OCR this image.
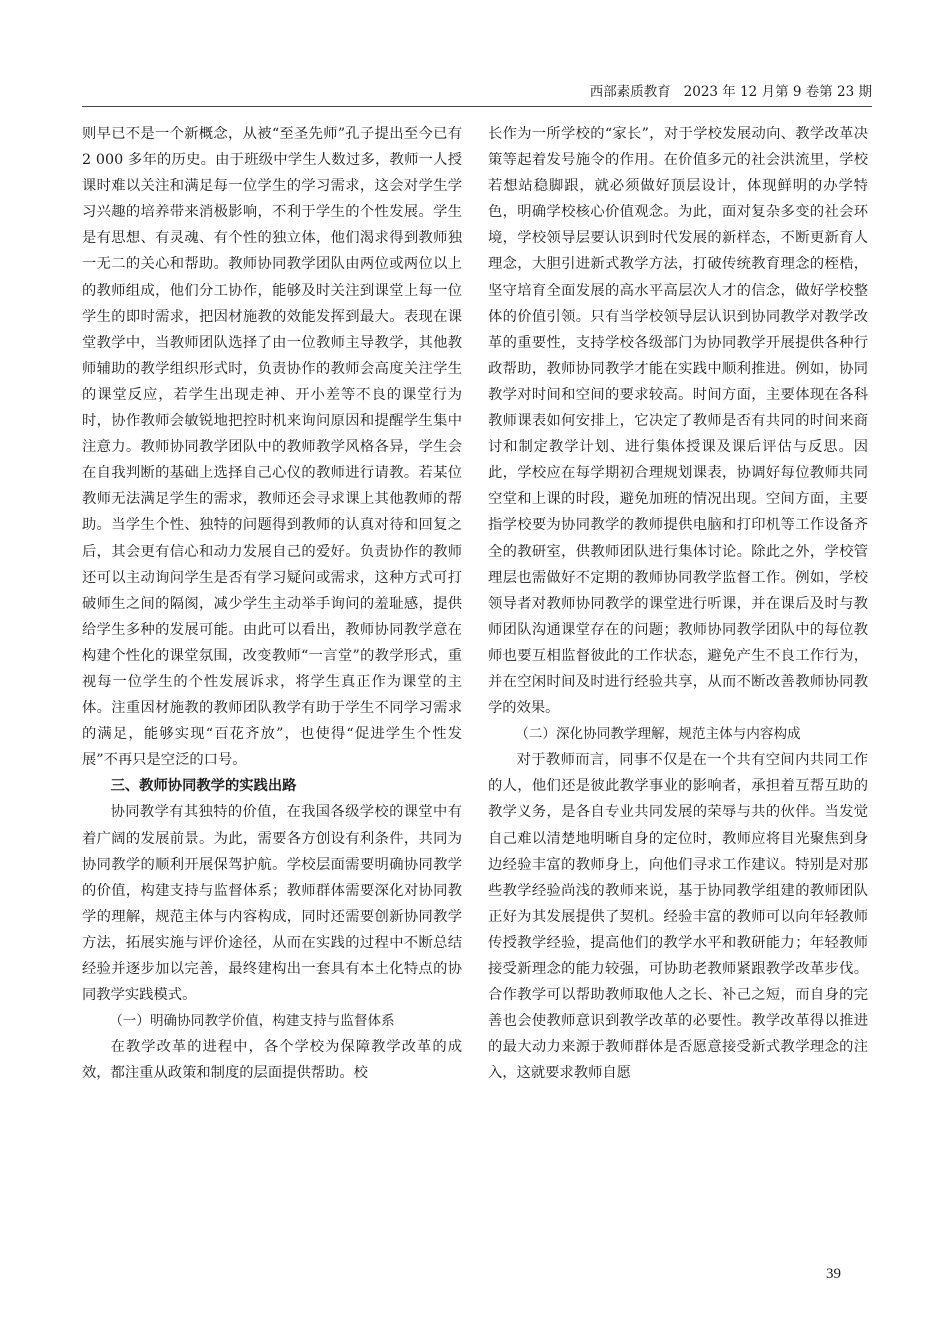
西部素质教育 2023 年 12 月第 9 卷第 23 期

则早已不是一个新概念，从被“至圣先师”孔子提出至今已有 2 000 多年的历史。由于班级中学生人数过多，教师一人授课时难以关注和满足每一位学生的学习需求，这会对学生学习兴趣的培养带来消极影响，不利于学生的个性发展。学生是有思想、有灵魂、有个性的独立体，他们渴求得到教师独一无二的关心和帮助。教师协同教学团队由两位或两位以上的教师组成，他们分工协作，能够及时关注到课堂上每一位学生的即时需求，把因材施教的效能发挥到最大。表现在课堂教学中，当教师团队选择了由一位教师主导教学，其他教师辅助的教学组织形式时，负责协作的教师会高度关注学生的课堂反应，若学生出现走神、开小差等不良的课堂行为时，协作教师会敏锐地把控时机来询问原因和提醒学生集中注意力。教师协同教学团队中的教师教学风格各异，学生会在自我判断的基础上选择自己心仪的教师进行请教。若某位教师无法满足学生的需求，教师还会寻求课上其他教师的帮助。当学生个性、独特的问题得到教师的认真对待和回复之后，其会更有信心和动力发展自己的爱好。负责协作的教师还可以主动询问学生是否有学习疑问或需求，这种方式可打破师生之间的隔阂，减少学生主动举手询问的羞耻感，提供给学生多种的发展可能。由此可以看出，教师协同教学意在构建个性化的课堂氛围，改变教师“一言堂”的教学形式，重视每一位学生的个性发展诉求，将学生真正作为课堂的主体。注重因材施教的教师团队教学有助于学生不同学习需求的满足，能够实现“百花齐放”，也使得“促进学生个性发展”不再只是空泛的口号。

三、教师协同教学的实践出路

协同教学有其独特的价值，在我国各级学校的课堂中有着广阔的发展前景。为此，需要各方创设有利条件，共同为协同教学的顺利开展保驾护航。学校层面需要明确协同教学的价值，构建支持与监督体系；教师群体需要深化对协同教学的理解，规范主体与内容构成，同时还需要创新协同教学方法，拓展实施与评价途径，从而在实践的过程中不断总结经验并逐步加以完善，最终建构出一套具有本土化特点的协同教学实践模式。

（一）明确协同教学价值，构建支持与监督体系

在教学改革的进程中，各个学校为保障教学改革的成效，都注重从政策和制度的层面提供帮助。校

长作为一所学校的“家长”，对于学校发展动向、教学改革决策等起着发号施令的作用。在价值多元的社会洪流里，学校若想站稳脚跟，就必须做好顶层设计，体现鲜明的办学特色，明确学校核心价值观念。为此，面对复杂多变的社会环境，学校领导层要认识到时代发展的新样态，不断更新育人理念，大胆引进新式教学方法，打破传统教育理念的桎梏，坚守培育全面发展的高水平高层次人才的信念，做好学校整体的价值引领。只有当学校领导层认识到协同教学对教学改革的重要性，支持学校各级部门为协同教学开展提供各种行政帮助，教师协同教学才能在实践中顺利推进。例如，协同教学对时间和空间的要求较高。时间方面，主要体现在各科教师课表如何安排上，它决定了教师是否有共同的时间来商讨和制定教学计划、进行集体授课及课后评估与反思。因此，学校应在每学期初合理规划课表，协调好每位教师共同空堂和上课的时段，避免加班的情况出现。空间方面，主要指学校要为协同教学的教师提供电脑和打印机等工作设备齐全的教研室，供教师团队进行集体讨论。除此之外，学校管理层也需做好不定期的教师协同教学监督工作。例如，学校领导者对教师协同教学的课堂进行听课，并在课后及时与教师团队沟通课堂存在的问题；教师协同教学团队中的每位教师也要互相监督彼此的工作状态，避免产生不良工作行为，并在空闲时间及时进行经验共享，从而不断改善教师协同教学的效果。

（二）深化协同教学理解，规范主体与内容构成

对于教师而言，同事不仅是在一个共有空间内共同工作的人，他们还是彼此教学事业的影响者，承担着互帮互助的教学义务，是各自专业共同发展的荣辱与共的伙伴。当发觉自己难以清楚地明晰自身的定位时，教师应将目光聚焦到身边经验丰富的教师身上，向他们寻求工作建议。特别是对那些教学经验尚浅的教师来说，基于协同教学组建的教师团队正好为其发展提供了契机。经验丰富的教师可以向年轻教师传授教学经验，提高他们的教学水平和教研能力；年轻教师接受新理念的能力较强，可协助老教师紧跟教学改革步伐。合作教学可以帮助教师取他人之长、补己之短，而自身的完善也会使教师意识到教学改革的必要性。教学改革得以推进的最大动力来源于教师群体是否愿意接受新式教学理念的注入，这就要求教师自愿

39
